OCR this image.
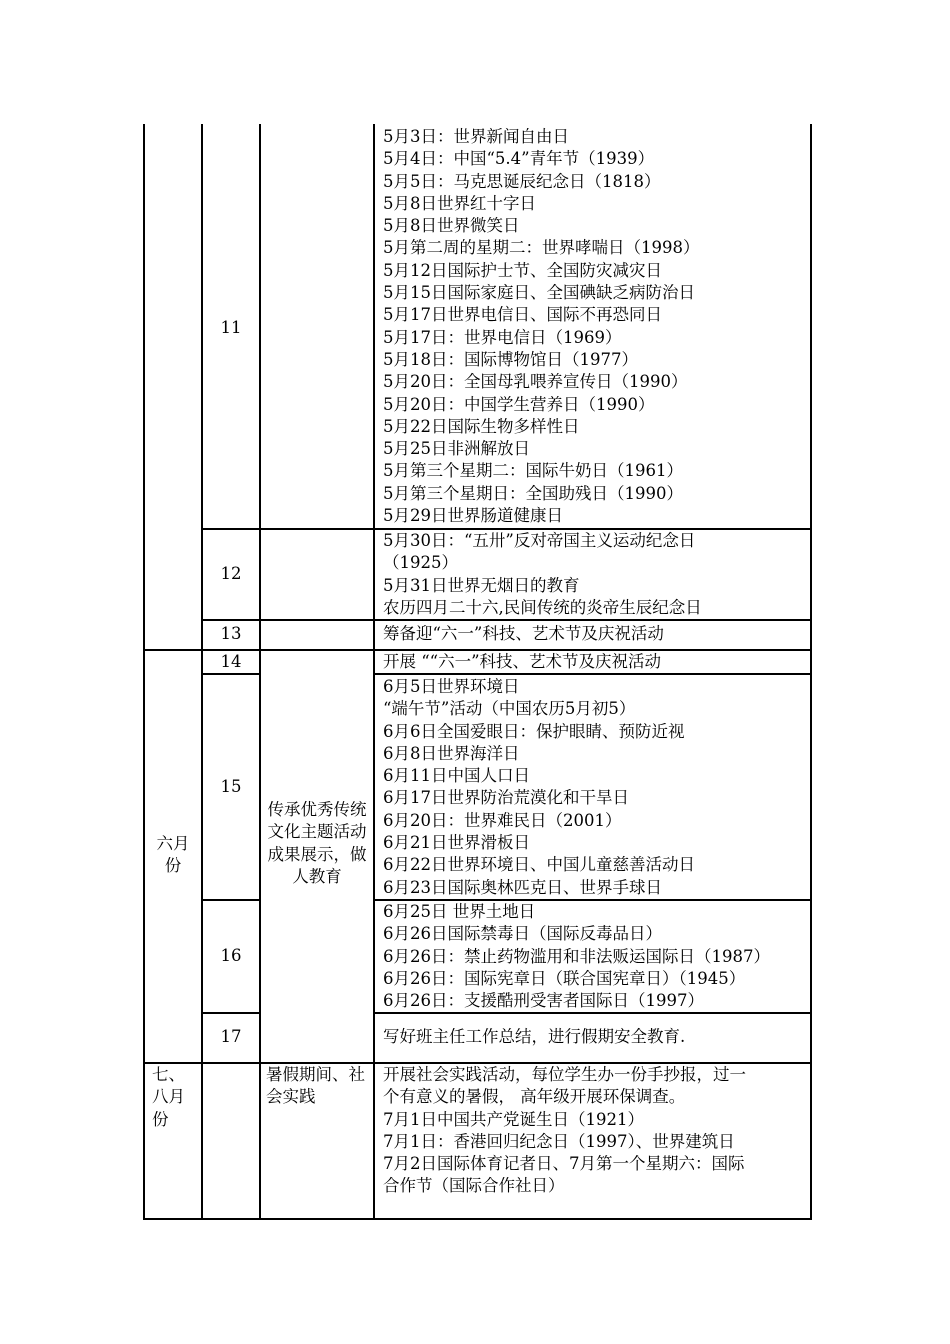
六月份
七、八月份
11
12
13
14
15
16
17
传承优秀传统文化主题活动成果展示，做人教育
暑假期间、社会实践
5月3日：世界新闻自由日
5月4日：中国“5.4”青年节（1939）
5月5日：马克思诞辰纪念日（1818）
5月8日世界红十字日
5月8日世界微笑日
5月第二周的星期二：世界哮喘日（1998）
5月12日国际护士节、全国防灾减灾日
5月15日国际家庭日、全国碘缺乏病防治日
5月17日世界电信日、国际不再恐同日
5月17日：世界电信日（1969）
5月18日：国际博物馆日（1977）
5月20日：全国母乳喂养宣传日（1990）
5月20日：中国学生营养日（1990）
5月22日国际生物多样性日
5月25日非洲解放日
5月第三个星期二：国际牛奶日（1961）
5月第三个星期日：全国助残日（1990）
5月29日世界肠道健康日
5月30日：“五卅”反对帝国主义运动纪念日
（1925）
5月31日世界无烟日的教育
农历四月二十六,民间传统的炎帝生辰纪念日
筹备迎“六一”科技、艺术节及庆祝活动
开展 ““六一”科技、艺术节及庆祝活动
6月5日世界环境日
“端午节”活动（中国农历5月初5）
6月6日全国爱眼日：保护眼睛、预防近视
6月8日世界海洋日
6月11日中国人口日
6月17日世界防治荒漠化和干旱日
6月20日：世界难民日（2001）
6月21日世界滑板日
6月22日世界环境日、中国儿童慈善活动日
6月23日国际奥林匹克日、世界手球日
6月25日 世界土地日
6月26日国际禁毒日（国际反毒品日）
6月26日：禁止药物滥用和非法贩运国际日（1987）
6月26日：国际宪章日（联合国宪章日）（1945）
6月26日：支援酷刑受害者国际日（1997）
写好班主任工作总结，进行假期安全教育.
开展社会实践活动，每位学生办一份手抄报，过一
个有意义的暑假， 高年级开展环保调查。
7月1日中国共产党诞生日（1921）
7月1日：香港回归纪念日（1997）、世界建筑日
7月2日国际体育记者日、7月第一个星期六：国际
合作节（国际合作社日）
